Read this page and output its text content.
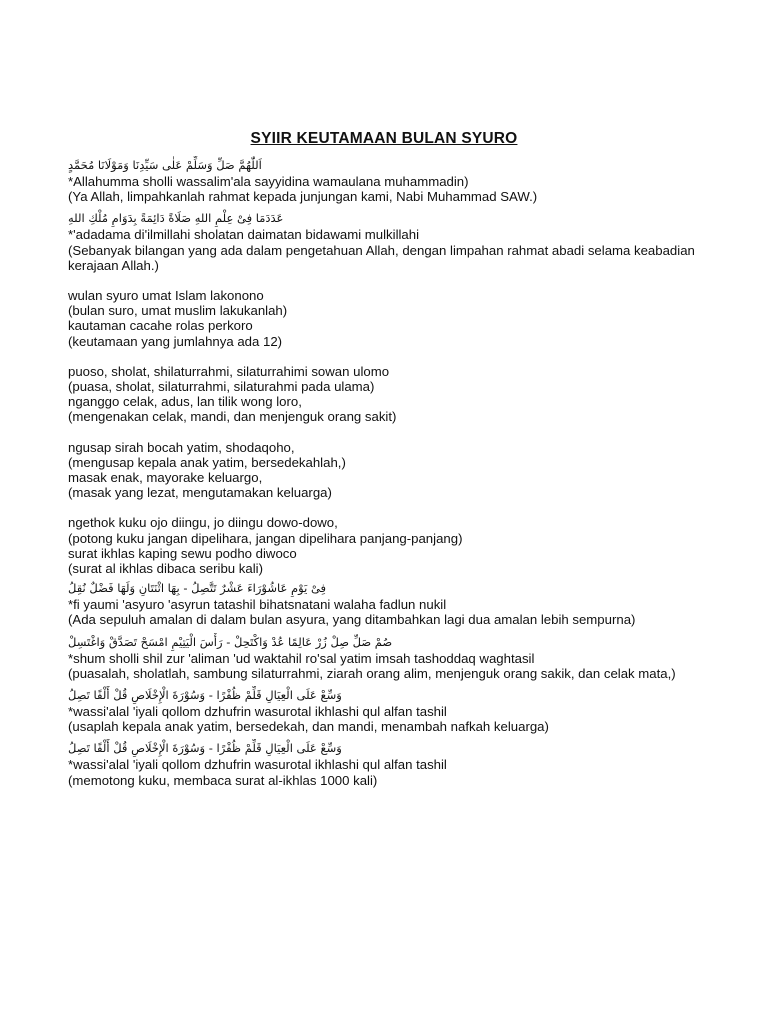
SYIIR KEUTAMAAN BULAN SYURO
اَللّٰهُمَّ صَلِّ وَسَلِّمْ عَلٰى سَيِّدِنَا وَمَوْلَانَا مُحَمَّدٍ
*Allahumma sholli wassalim'ala sayyidina wamaulana muhammadin)
(Ya Allah, limpahkanlah rahmat kepada junjungan kami, Nabi Muhammad SAW.)
عَدَدَمَا فِىْ عِلْمِ اللهِ صَلَاةً دَائِمَةً بِدَوَامِ مُلْكِ اللهِ
*'adadama di'ilmillahi sholatan daimatan bidawami mulkillahi
(Sebanyak bilangan yang ada dalam pengetahuan Allah, dengan limpahan rahmat abadi selama keabadian kerajaan Allah.)
wulan syuro umat Islam lakonono
(bulan suro, umat muslim lakukanlah)
kautaman cacahe rolas perkoro
(keutamaan yang jumlahnya ada 12)
puoso, sholat, shilaturrahmi, silaturrahimi sowan ulomo
(puasa, sholat, silaturrahmi, silaturahmi pada ulama)
nganggo celak, adus, lan tilik wong loro,
(mengenakan celak, mandi, dan menjenguk orang sakit)
ngusap sirah bocah yatim, shodaqoho,
(mengusap kepala anak yatim, bersedekahlah,)
masak enak, mayorake keluargo,
(masak yang lezat, mengutamakan keluarga)
ngethok kuku ojo diingu, jo diingu dowo-dowo,
(potong kuku jangan dipelihara, jangan dipelihara panjang-panjang)
surat ikhlas kaping sewu podho diwoco
(surat al ikhlas dibaca seribu kali)
فِىْ يَوْمِ عَاشُوْرَاءَ عَشْرٌ تَتَّصِلُ - بِهَا اثْنَتَانِ وَلَهَا فَضْلٌ نُقِلُ
*fi yaumi 'asyuro 'asyrun tatashil bihatsnatani walaha fadlun nukil
(Ada sepuluh amalan di dalam bulan asyura, yang ditambahkan lagi dua amalan lebih sempurna)
صُمْ صَلِّ صِلْ زُرْ عَالِمًا عُدْ وَاكْتَحِلْ - رَأْسَ الْيَتِيْمِ امْسَحْ تَصَدَّقْ وَاغْتَسِلْ
*shum sholli shil zur 'aliman 'ud waktahil ro'sal yatim imsah tashoddaq waghtasil
(puasalah, sholatlah, sambung silaturrahmi, ziarah orang alim, menjenguk orang sakik, dan celak mata,)
وَسِّعْ عَلَى الْعِيَالِ قَلِّمْ ظُفْرًا - وَسُوْرَةَ الْإِخْلَاصِ قُلْ أَلْفًا تَصِلُ
*wassi'alal 'iyali qollom dzhufrin wasurotal ikhlashi qul alfan tashil
(usaplah kepala anak yatim, bersedekah, dan mandi, menambah nafkah keluarga)
وَسِّعْ عَلَى الْعِيَالِ قَلِّمْ ظُفْرًا - وَسُوْرَةَ الْإِخْلَاصِ قُلْ أَلْفًا تَصِلُ
*wassi'alal 'iyali qollom dzhufrin wasurotal ikhlashi qul alfan tashil
(memotong kuku, membaca surat al-ikhlas 1000 kali)
